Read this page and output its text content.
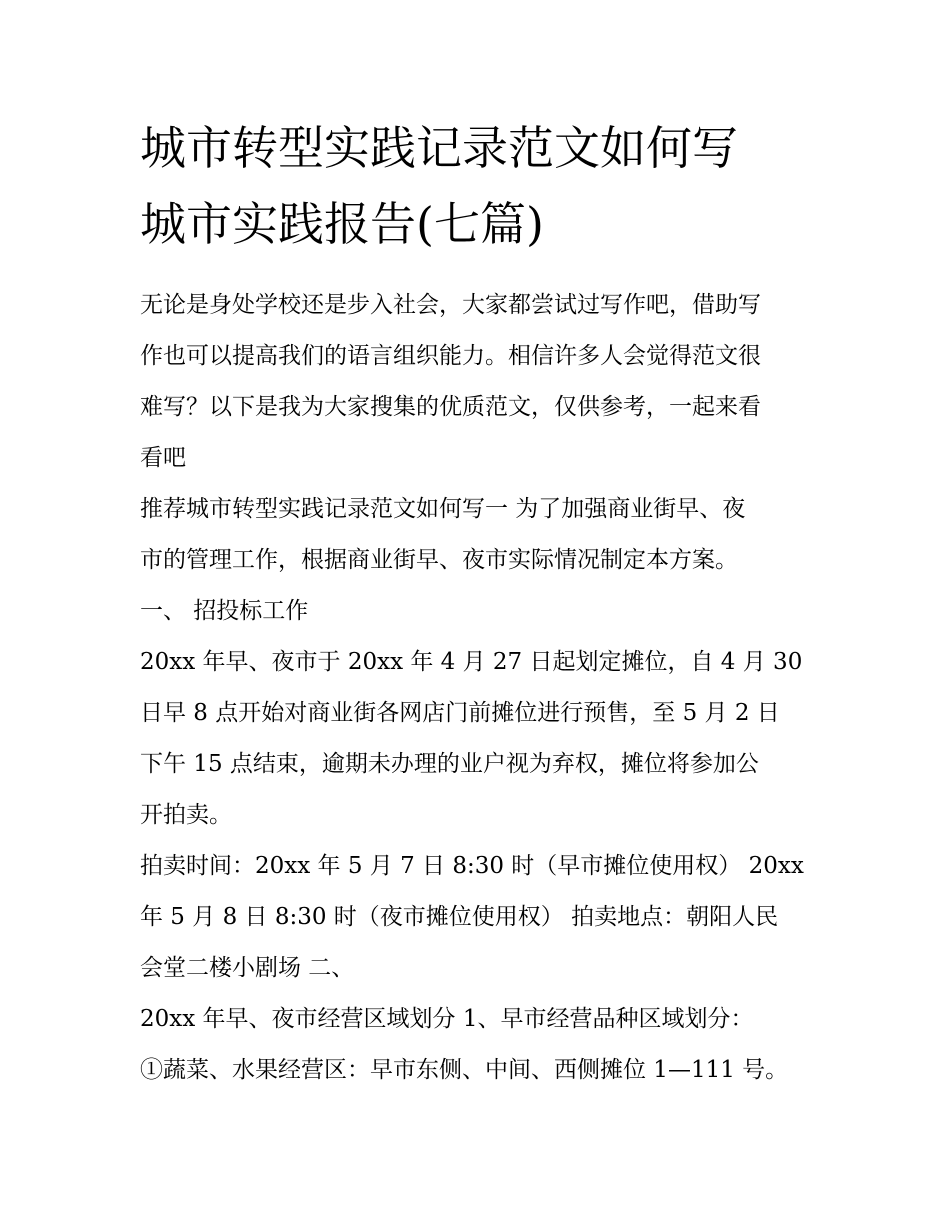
城市转型实践记录范文如何写
城市实践报告(七篇)
无论是身处学校还是步入社会，大家都尝试过写作吧，借助写
作也可以提高我们的语言组织能力。相信许多人会觉得范文很
难写？以下是我为大家搜集的优质范文，仅供参考，一起来看
看吧
推荐城市转型实践记录范文如何写一 为了加强商业街早、夜
市的管理工作，根据商业街早、夜市实际情况制定本方案。
一、 招投标工作
20xx 年早、夜市于 20xx 年 4 月 27 日起划定摊位，自 4 月 30
日早 8 点开始对商业街各网店门前摊位进行预售，至 5 月 2 日
下午 15 点结束，逾期未办理的业户视为弃权，摊位将参加公
开拍卖。
拍卖时间：20xx 年 5 月 7 日 8:30 时（早市摊位使用权） 20xx
年 5 月 8 日 8:30 时（夜市摊位使用权） 拍卖地点：朝阳人民
会堂二楼小剧场 二、
20xx 年早、夜市经营区域划分 1、早市经营品种区域划分：
①蔬菜、水果经营区：早市东侧、中间、西侧摊位 1—111 号。
